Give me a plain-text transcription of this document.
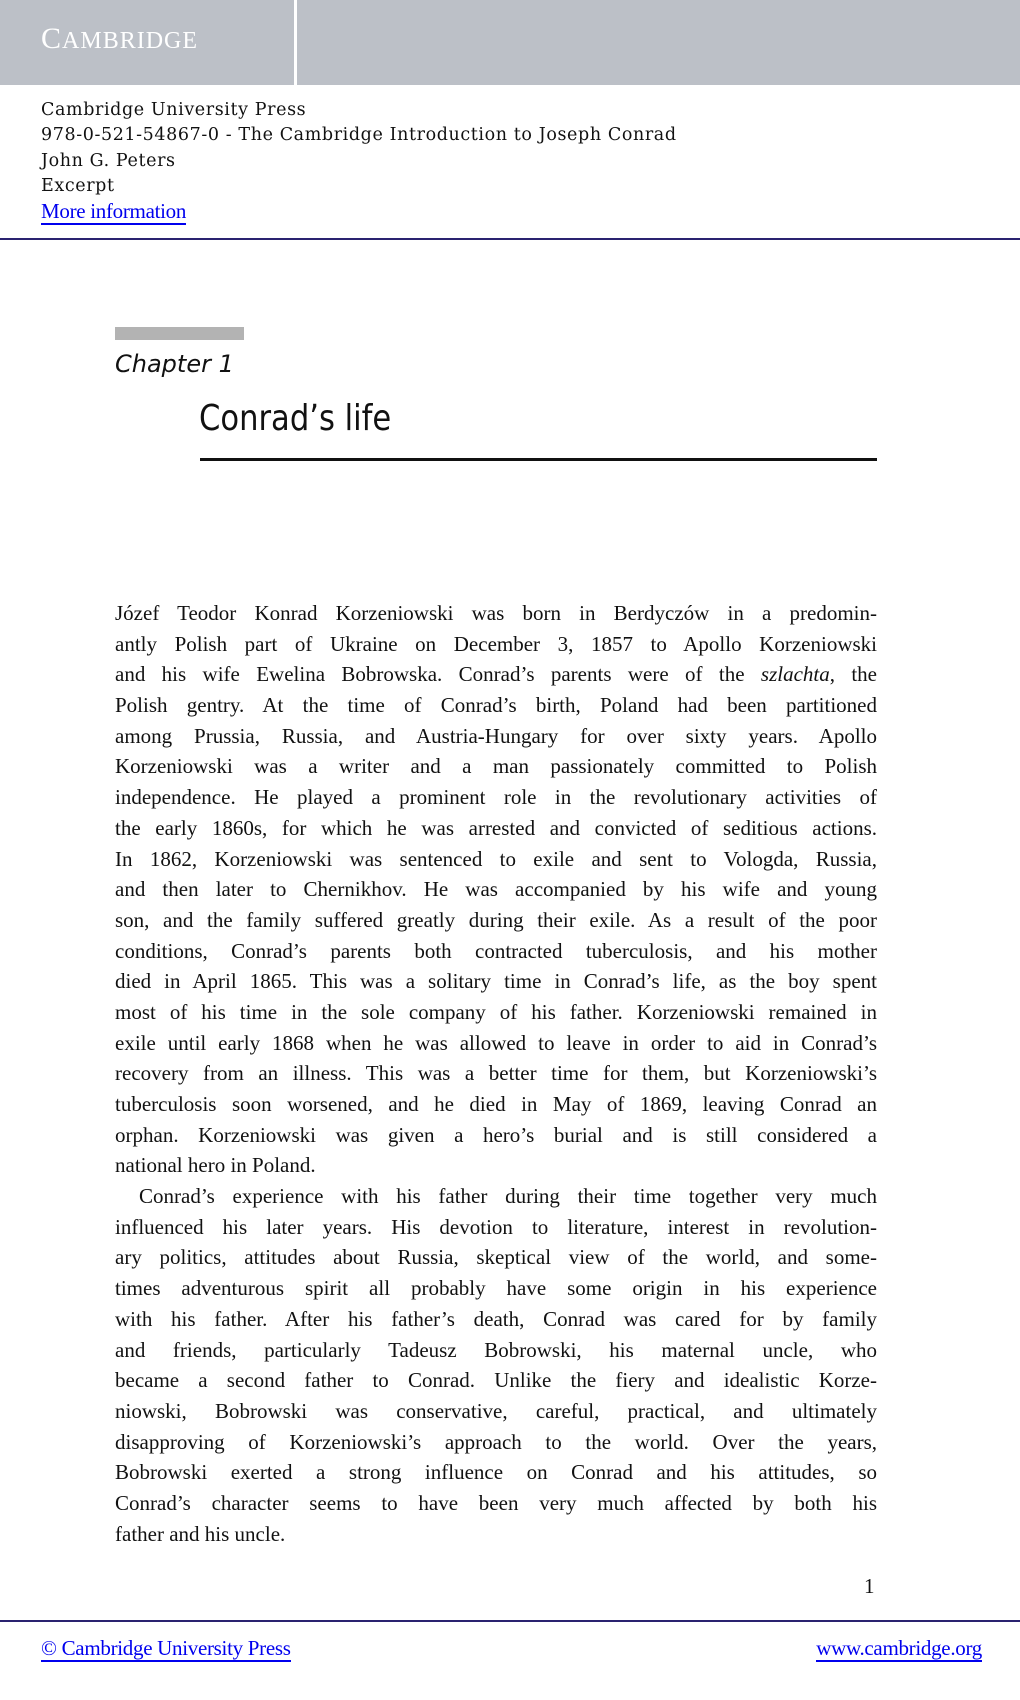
CAMBRIDGE
Cambridge University Press
978-0-521-54867-0 - The Cambridge Introduction to Joseph Conrad
John G. Peters
Excerpt
More information
Chapter 1
Conrad’s life
Józef Teodor Konrad Korzeniowski was born in Berdyczów in a predomin-
antly Polish part of Ukraine on December 3, 1857 to Apollo Korzeniowski
and his wife Ewelina Bobrowska. Conrad’s parents were of the szlachta, the
Polish gentry. At the time of Conrad’s birth, Poland had been partitioned
among Prussia, Russia, and Austria-Hungary for over sixty years. Apollo
Korzeniowski was a writer and a man passionately committed to Polish
independence. He played a prominent role in the revolutionary activities of
the early 1860s, for which he was arrested and convicted of seditious actions.
In 1862, Korzeniowski was sentenced to exile and sent to Vologda, Russia,
and then later to Chernikhov. He was accompanied by his wife and young
son, and the family suffered greatly during their exile. As a result of the poor
conditions, Conrad’s parents both contracted tuberculosis, and his mother
died in April 1865. This was a solitary time in Conrad’s life, as the boy spent
most of his time in the sole company of his father. Korzeniowski remained in
exile until early 1868 when he was allowed to leave in order to aid in Conrad’s
recovery from an illness. This was a better time for them, but Korzeniowski’s
tuberculosis soon worsened, and he died in May of 1869, leaving Conrad an
orphan. Korzeniowski was given a hero’s burial and is still considered a
national hero in Poland.
Conrad’s experience with his father during their time together very much
influenced his later years. His devotion to literature, interest in revolution-
ary politics, attitudes about Russia, skeptical view of the world, and some-
times adventurous spirit all probably have some origin in his experience
with his father. After his father’s death, Conrad was cared for by family
and friends, particularly Tadeusz Bobrowski, his maternal uncle, who
became a second father to Conrad. Unlike the fiery and idealistic Korze-
niowski, Bobrowski was conservative, careful, practical, and ultimately
disapproving of Korzeniowski’s approach to the world. Over the years,
Bobrowski exerted a strong influence on Conrad and his attitudes, so
Conrad’s character seems to have been very much affected by both his
father and his uncle.
1
© Cambridge University Press	www.cambridge.org
